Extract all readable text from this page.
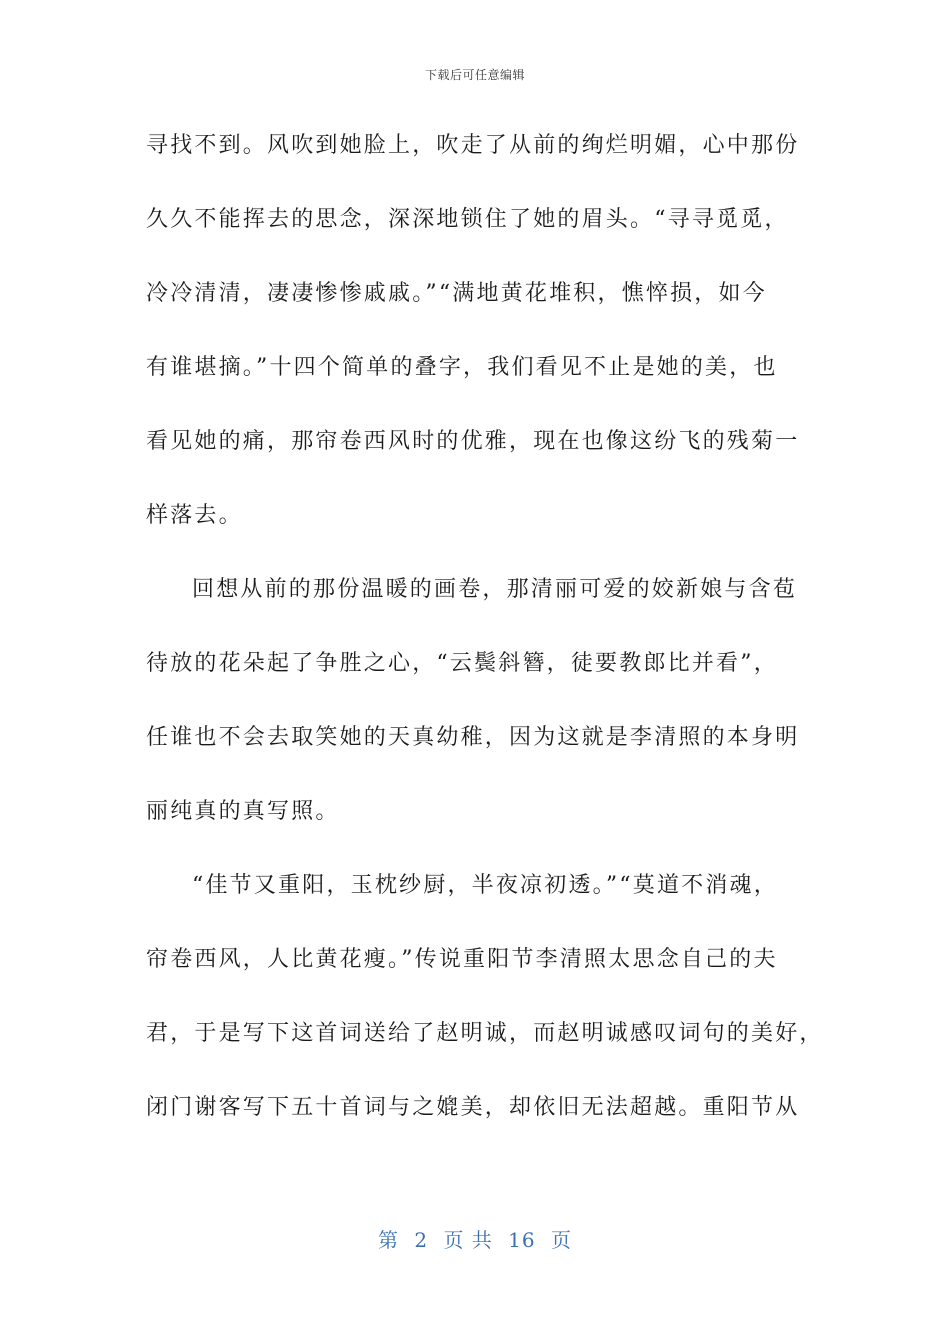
下载后可任意编辑
寻找不到。风吹到她脸上，吹走了从前的绚烂明媚，心中那份
久久不能挥去的思念，深深地锁住了她的眉头。“寻寻觅觅，
冷冷清清，凄凄惨惨戚戚。”“满地黄花堆积，憔悴损，如今
有谁堪摘。”十四个简单的叠字，我们看见不止是她的美，也
看见她的痛，那帘卷西风时的优雅，现在也像这纷飞的残菊一
样落去。
回想从前的那份温暖的画卷，那清丽可爱的姣新娘与含苞
待放的花朵起了争胜之心，“云鬓斜簪，徒要教郎比并看”，
任谁也不会去取笑她的天真幼稚，因为这就是李清照的本身明
丽纯真的真写照。
“佳节又重阳，玉枕纱厨，半夜凉初透。”“莫道不消魂，
帘卷西风，人比黄花瘦。”传说重阳节李清照太思念自己的夫
君，于是写下这首词送给了赵明诚，而赵明诚感叹词句的美好，
闭门谢客写下五十首词与之媲美，却依旧无法超越。重阳节从
第 2 页 共 16 页
